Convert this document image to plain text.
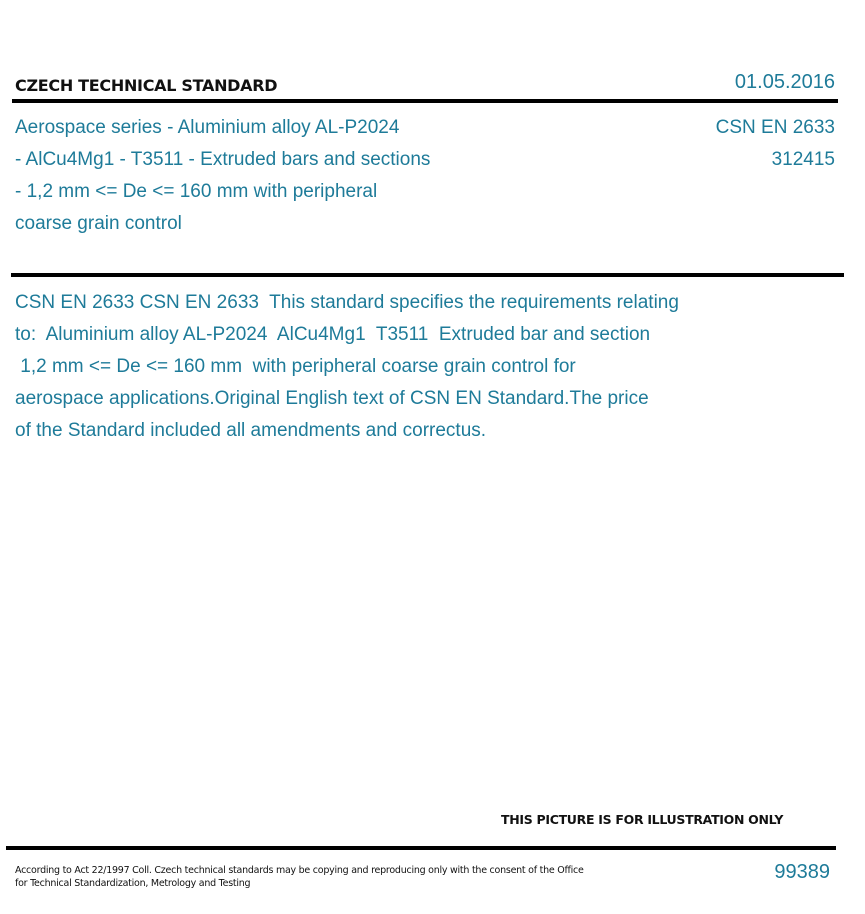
CZECH TECHNICAL STANDARD	01.05.2016
Aerospace series - Aluminium alloy AL-P2024
- AlCu4Mg1 - T3511 - Extruded bars and sections
- 1,2 mm <= De <= 160 mm with peripheral
coarse grain control
CSN EN 2633
312415
CSN EN 2633 CSN EN 2633  This standard specifies the requirements relating
to:  Aluminium alloy AL-P2024  AlCu4Mg1  T3511  Extruded bar and section
1,2 mm <= De <= 160 mm  with peripheral coarse grain control for
aerospace applications.Original English text of CSN EN Standard.The price
of the Standard included all amendments and correctus.
THIS PICTURE IS FOR ILLUSTRATION ONLY
According to Act 22/1997 Coll. Czech technical standards may be copying and reproducing only with the consent of the Office
for Technical Standardization, Metrology and Testing
99389
